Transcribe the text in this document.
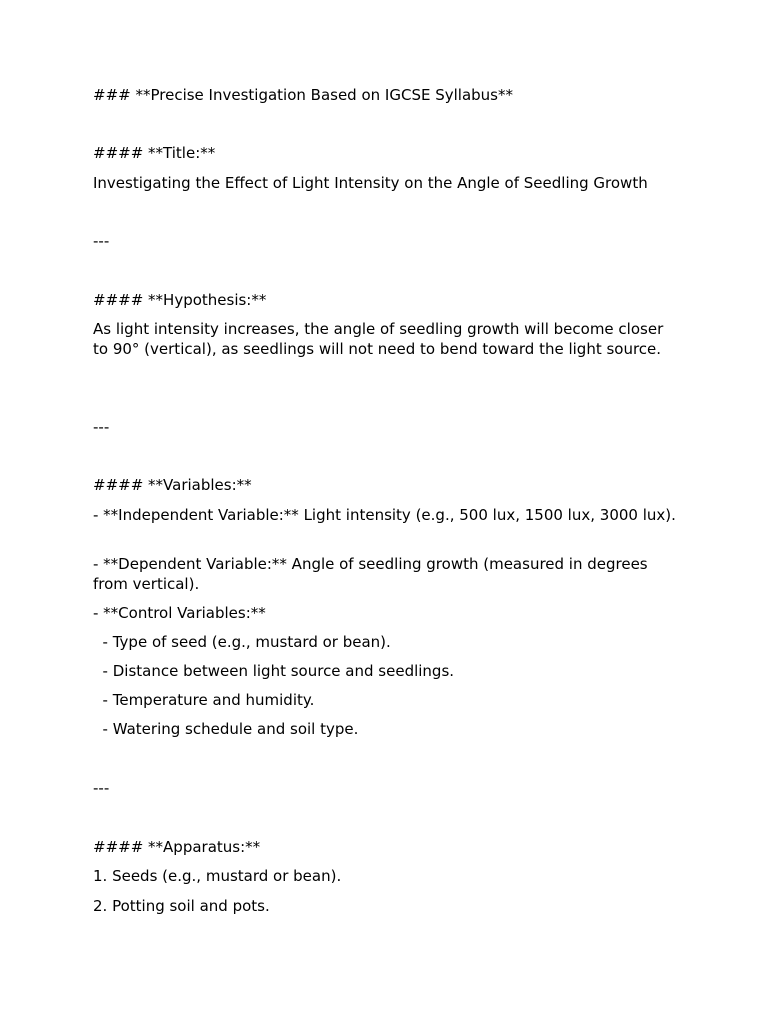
### **Precise Investigation Based on IGCSE Syllabus**

#### **Title:**

Investigating the Effect of Light Intensity on the Angle of Seedling Growth

---

#### **Hypothesis:**

As light intensity increases, the angle of seedling growth will become closer to 90° (vertical), as seedlings will not need to bend toward the light source.

---

#### **Variables:**

- **Independent Variable:** Light intensity (e.g., 500 lux, 1500 lux, 3000 lux).

- **Dependent Variable:** Angle of seedling growth (measured in degrees from vertical).

- **Control Variables:**

- Type of seed (e.g., mustard or bean).

- Distance between light source and seedlings.

- Temperature and humidity.

- Watering schedule and soil type.

---

#### **Apparatus:**

1. Seeds (e.g., mustard or bean).

2. Potting soil and pots.
